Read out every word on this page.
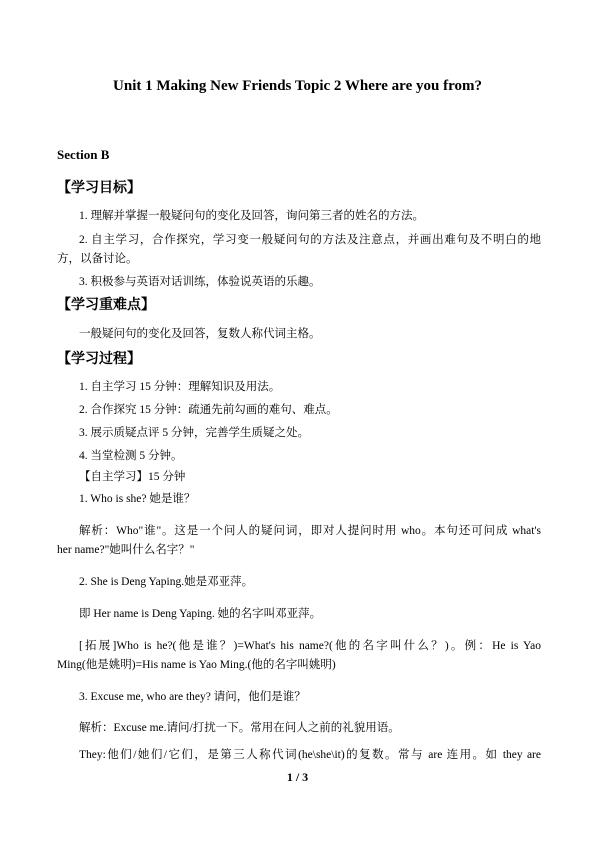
Unit 1 Making New Friends Topic 2 Where are you from?
Section B
【学习目标】
1. 理解并掌握一般疑问句的变化及回答，询问第三者的姓名的方法。
2. 自主学习，合作探究，学习变一般疑问句的方法及注意点，并画出难句及不明白的地
方，以备讨论。
3. 积极参与英语对话训练，体验说英语的乐趣。
【学习重难点】
一般疑问句的变化及回答，复数人称代词主格。
【学习过程】
1. 自主学习 15 分钟：理解知识及用法。
2. 合作探究 15 分钟：疏通先前勾画的难句、难点。
3. 展示质疑点评 5 分钟，完善学生质疑之处。
4. 当堂检测 5 分钟。
【自主学习】15 分钟
1. Who is she? 她是谁？
解析：Who"谁"。这是一个问人的疑问词，即对人提问时用 who。本句还可问成 what's
her name?"她叫什么名字？"
2. She is Deng Yaping.她是邓亚萍。
即 Her name is Deng Yaping. 她的名字叫邓亚萍。
[拓展]Who is he?(他是谁？)=What's his name?(他的名字叫什么？)。例：He is Yao
Ming(他是姚明)=His name is Yao Ming.(他的名字叫姚明)
3. Excuse me, who are they? 请问，他们是谁？
解析：Excuse me.请问/打扰一下。常用在问人之前的礼貌用语。
They:他们/她们/它们，是第三人称代词(he\she\it)的复数。常与 are 连用。如 they are
1 / 3
